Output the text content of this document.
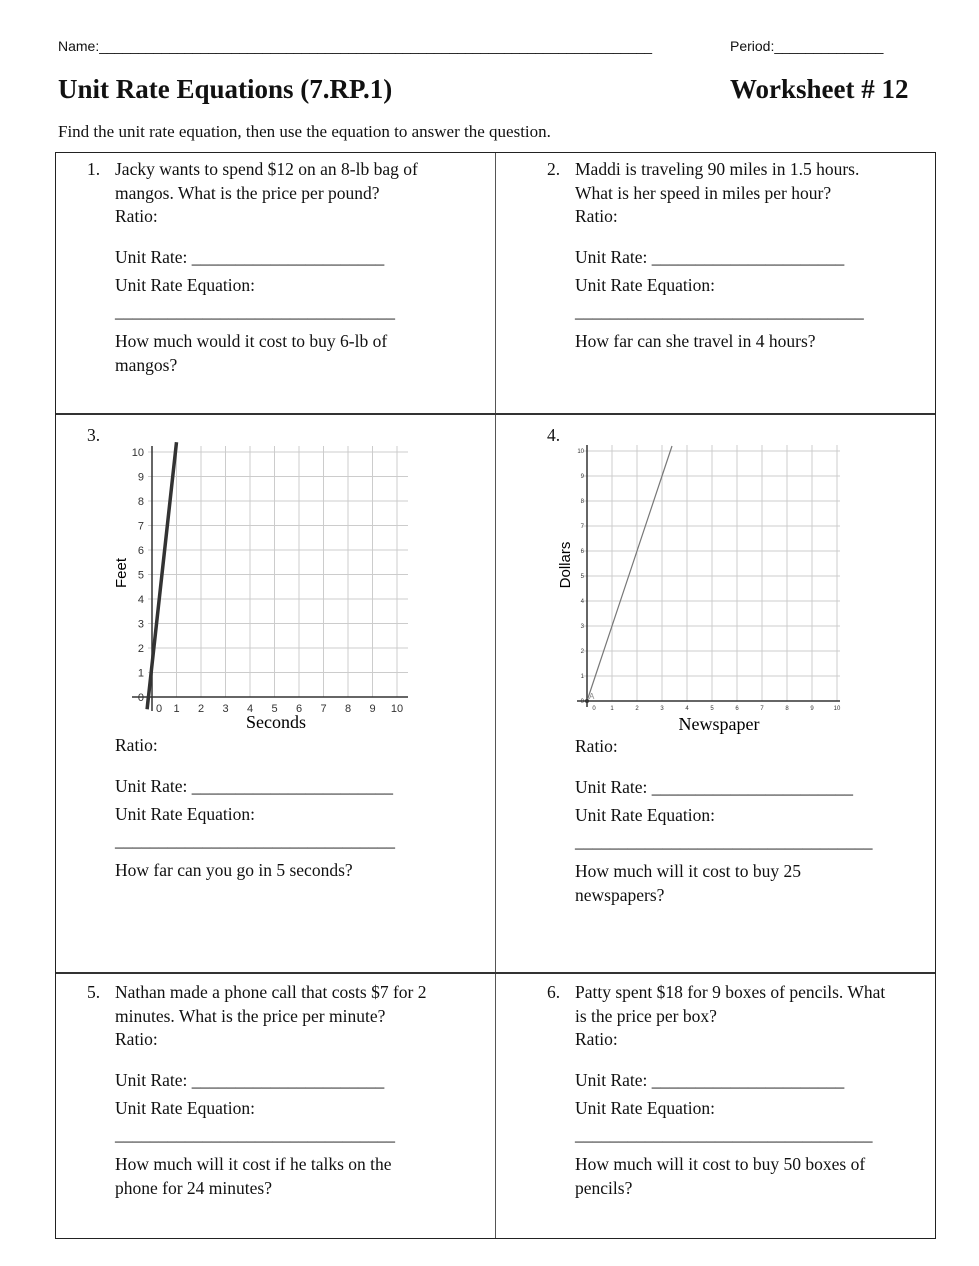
Name:_______________________________________________________________________	Period:______________
Unit Rate Equations (7.RP.1)	Worksheet # 12
Find the unit rate equation, then use the equation to answer the question.
1. Jacky wants to spend $12 on an 8-lb bag of
mangos. What is the price per pound?
Ratio:
Unit Rate: ______________________
Unit Rate Equation:
________________________________
How much would it cost to buy 6-lb of
mangos?
2. Maddi is traveling 90 miles in 1.5 hours.
What is her speed in miles per hour?
Ratio:
Unit Rate: ______________________
Unit Rate Equation:
_________________________________
How far can she travel in 4 hours?
5. Nathan made a phone call that costs $7 for 2
minutes. What is the price per minute?
Ratio:
Unit Rate: ______________________
Unit Rate Equation:
________________________________
How much will it cost if he talks on the
phone for 24 minutes?
6. Patty spent $18 for 9 boxes of pencils. What
is the price per box?
Ratio:
Unit Rate: ______________________
Unit Rate Equation:
__________________________________
How much will it cost to buy 50 boxes of
pencils?
3.
Ratio:
Unit Rate: _______________________
Unit Rate Equation:
________________________________
How far can you go in 5 seconds?
4.
Ratio:
Unit Rate: _______________________
Unit Rate Equation:
__________________________________
How much will it cost to buy 25
newspapers?
0
0
1
1
2
2
3
3
4
4
5
5
6
6
7
7
8
8
9
9
10
10
Seconds
Feet
0
0
1
1
2
2
3
3
4
4
5
5
6
6
7
7
8
8
9
9
10
10
A
Newspaper
Dollars
